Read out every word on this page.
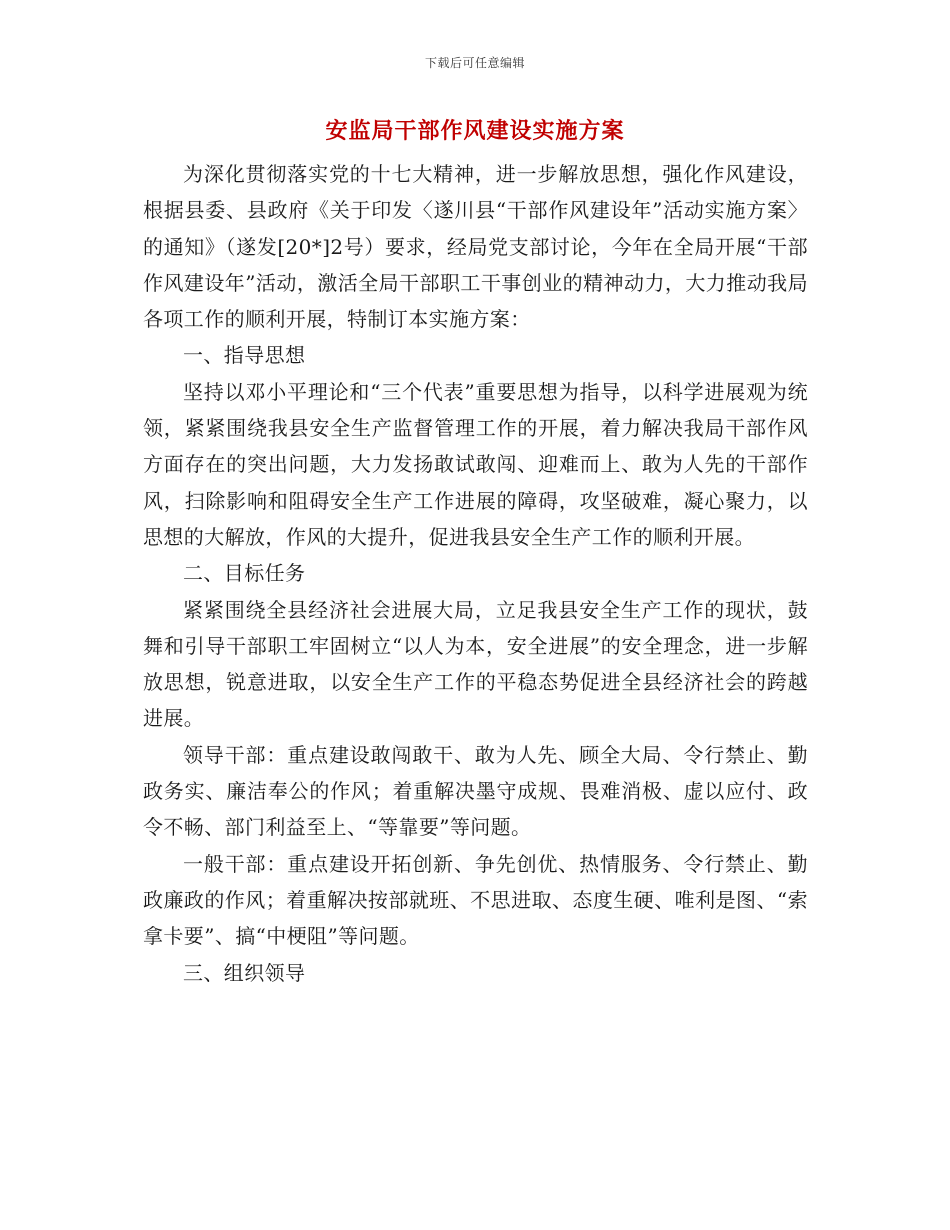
下载后可任意编辑
安监局干部作风建设实施方案

为深化贯彻落实党的十七大精神，进一步解放思想，强化作风建设，根据县委、县政府《关于印发〈遂川县“干部作风建设年”活动实施方案〉的通知》（遂发[20*]2号）要求，经局党支部讨论，今年在全局开展“干部作风建设年”活动，激活全局干部职工干事创业的精神动力，大力推动我局各项工作的顺利开展，特制订本实施方案：

一、指导思想

坚持以邓小平理论和“三个代表”重要思想为指导，以科学进展观为统领，紧紧围绕我县安全生产监督管理工作的开展，着力解决我局干部作风方面存在的突出问题，大力发扬敢试敢闯、迎难而上、敢为人先的干部作风，扫除影响和阻碍安全生产工作进展的障碍，攻坚破难，凝心聚力，以思想的大解放，作风的大提升，促进我县安全生产工作的顺利开展。

二、目标任务

紧紧围绕全县经济社会进展大局，立足我县安全生产工作的现状，鼓舞和引导干部职工牢固树立“以人为本，安全进展”的安全理念，进一步解放思想，锐意进取，以安全生产工作的平稳态势促进全县经济社会的跨越进展。

领导干部：重点建设敢闯敢干、敢为人先、顾全大局、令行禁止、勤政务实、廉洁奉公的作风；着重解决墨守成规、畏难消极、虚以应付、政令不畅、部门利益至上、“等靠要”等问题。

一般干部：重点建设开拓创新、争先创优、热情服务、令行禁止、勤政廉政的作风；着重解决按部就班、不思进取、态度生硬、唯利是图、“索拿卡要”、搞“中梗阻”等问题。

三、组织领导
